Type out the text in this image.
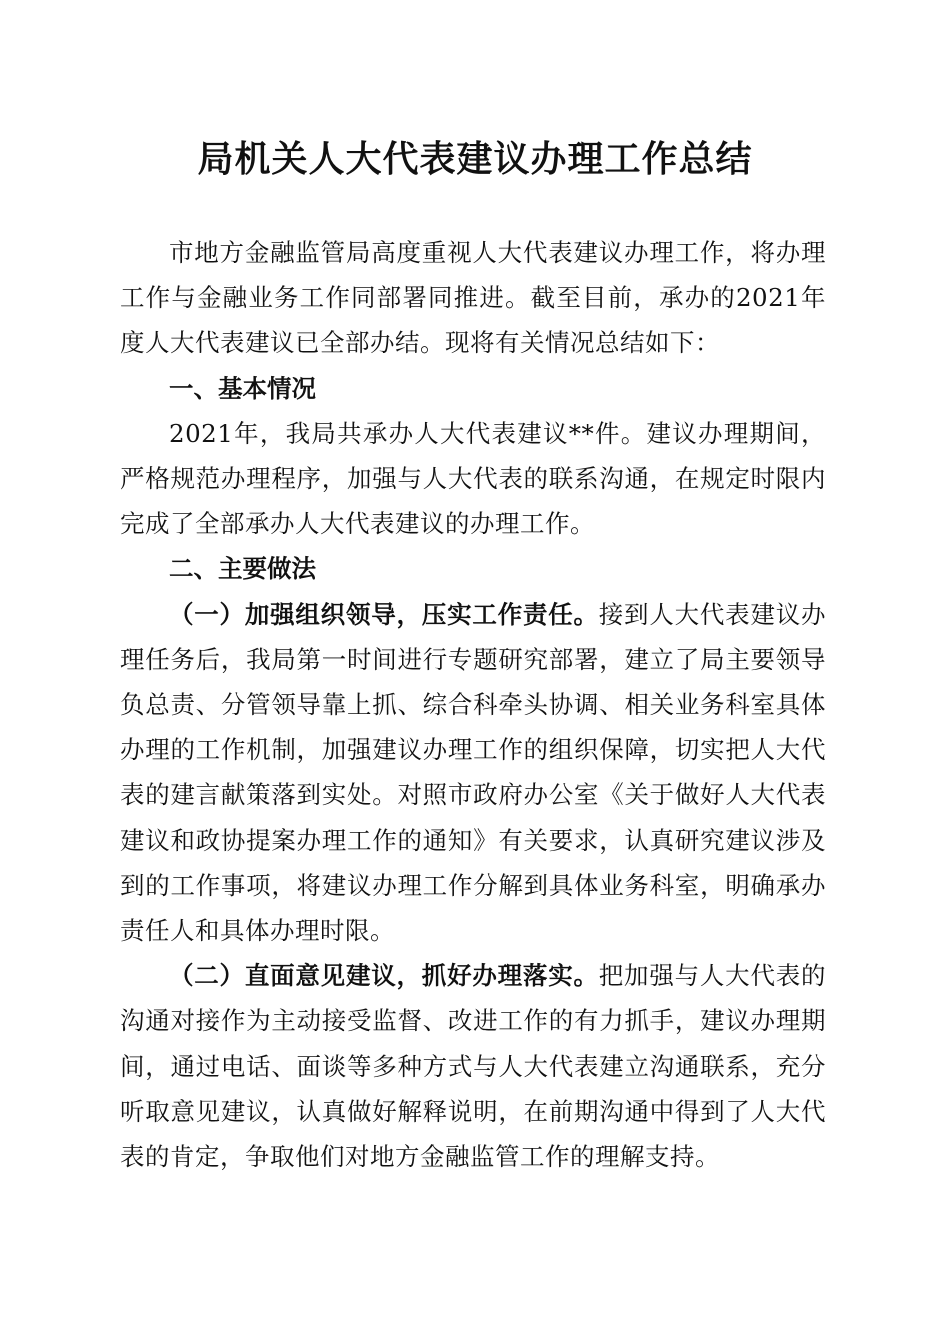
局机关人大代表建议办理工作总结

市地方金融监管局高度重视人大代表建议办理工作，将办理工作与金融业务工作同部署同推进。截至目前，承办的2021年度人大代表建议已全部办结。现将有关情况总结如下：

一、基本情况

2021年，我局共承办人大代表建议**件。建议办理期间，严格规范办理程序，加强与人大代表的联系沟通，在规定时限内完成了全部承办人大代表建议的办理工作。

二、主要做法

（一）加强组织领导，压实工作责任。接到人大代表建议办理任务后，我局第一时间进行专题研究部署，建立了局主要领导负总责、分管领导靠上抓、综合科牵头协调、相关业务科室具体办理的工作机制，加强建议办理工作的组织保障，切实把人大代表的建言献策落到实处。对照市政府办公室《关于做好人大代表建议和政协提案办理工作的通知》有关要求，认真研究建议涉及到的工作事项，将建议办理工作分解到具体业务科室，明确承办责任人和具体办理时限。

（二）直面意见建议，抓好办理落实。把加强与人大代表的沟通对接作为主动接受监督、改进工作的有力抓手，建议办理期间，通过电话、面谈等多种方式与人大代表建立沟通联系，充分听取意见建议，认真做好解释说明，在前期沟通中得到了人大代表的肯定，争取他们对地方金融监管工作的理解支持。
